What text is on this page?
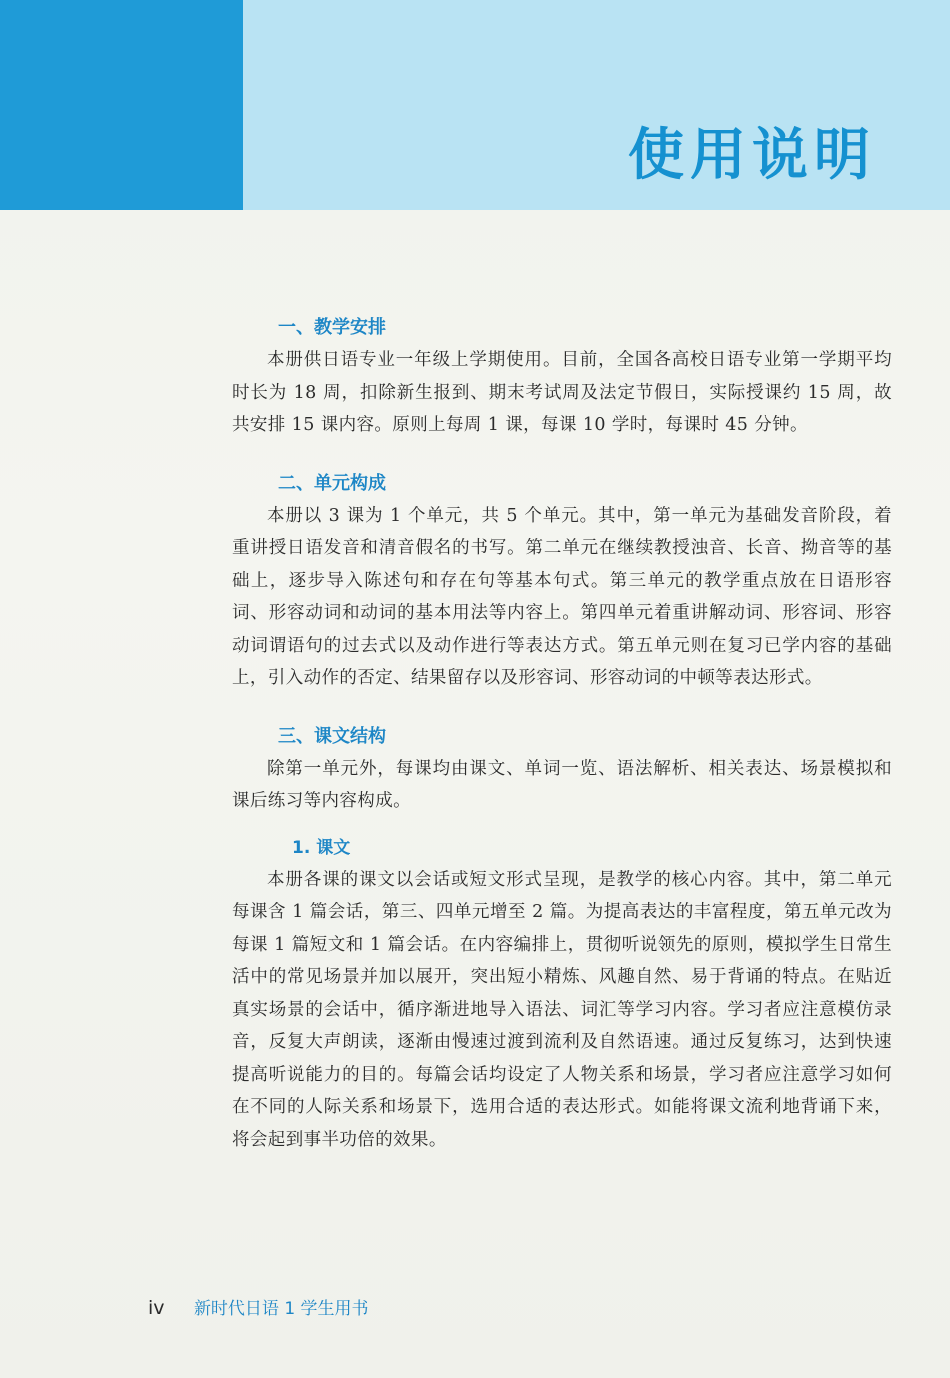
使用说明
一、教学安排

本册供日语专业一年级上学期使用。目前，全国各高校日语专业第一学期平均时长为 18 周，扣除新生报到、期末考试周及法定节假日，实际授课约 15 周，故共安排 15 课内容。原则上每周 1 课，每课 10 学时，每课时 45 分钟。

二、单元构成

本册以 3 课为 1 个单元，共 5 个单元。其中，第一单元为基础发音阶段，着重讲授日语发音和清音假名的书写。第二单元在继续教授浊音、长音、拗音等的基础上，逐步导入陈述句和存在句等基本句式。第三单元的教学重点放在日语形容词、形容动词和动词的基本用法等内容上。第四单元着重讲解动词、形容词、形容动词谓语句的过去式以及动作进行等表达方式。第五单元则在复习已学内容的基础上，引入动作的否定、结果留存以及形容词、形容动词的中顿等表达形式。

三、课文结构

除第一单元外，每课均由课文、单词一览、语法解析、相关表达、场景模拟和课后练习等内容构成。

1. 课文

本册各课的课文以会话或短文形式呈现，是教学的核心内容。其中，第二单元每课含 1 篇会话，第三、四单元增至 2 篇。为提高表达的丰富程度，第五单元改为每课 1 篇短文和 1 篇会话。在内容编排上，贯彻听说领先的原则，模拟学生日常生活中的常见场景并加以展开，突出短小精炼、风趣自然、易于背诵的特点。在贴近真实场景的会话中，循序渐进地导入语法、词汇等学习内容。学习者应注意模仿录音，反复大声朗读，逐渐由慢速过渡到流利及自然语速。通过反复练习，达到快速提高听说能力的目的。每篇会话均设定了人物关系和场景，学习者应注意学习如何在不同的人际关系和场景下，选用合适的表达形式。如能将课文流利地背诵下来，将会起到事半功倍的效果。

iv 新时代日语 1 学生用书
